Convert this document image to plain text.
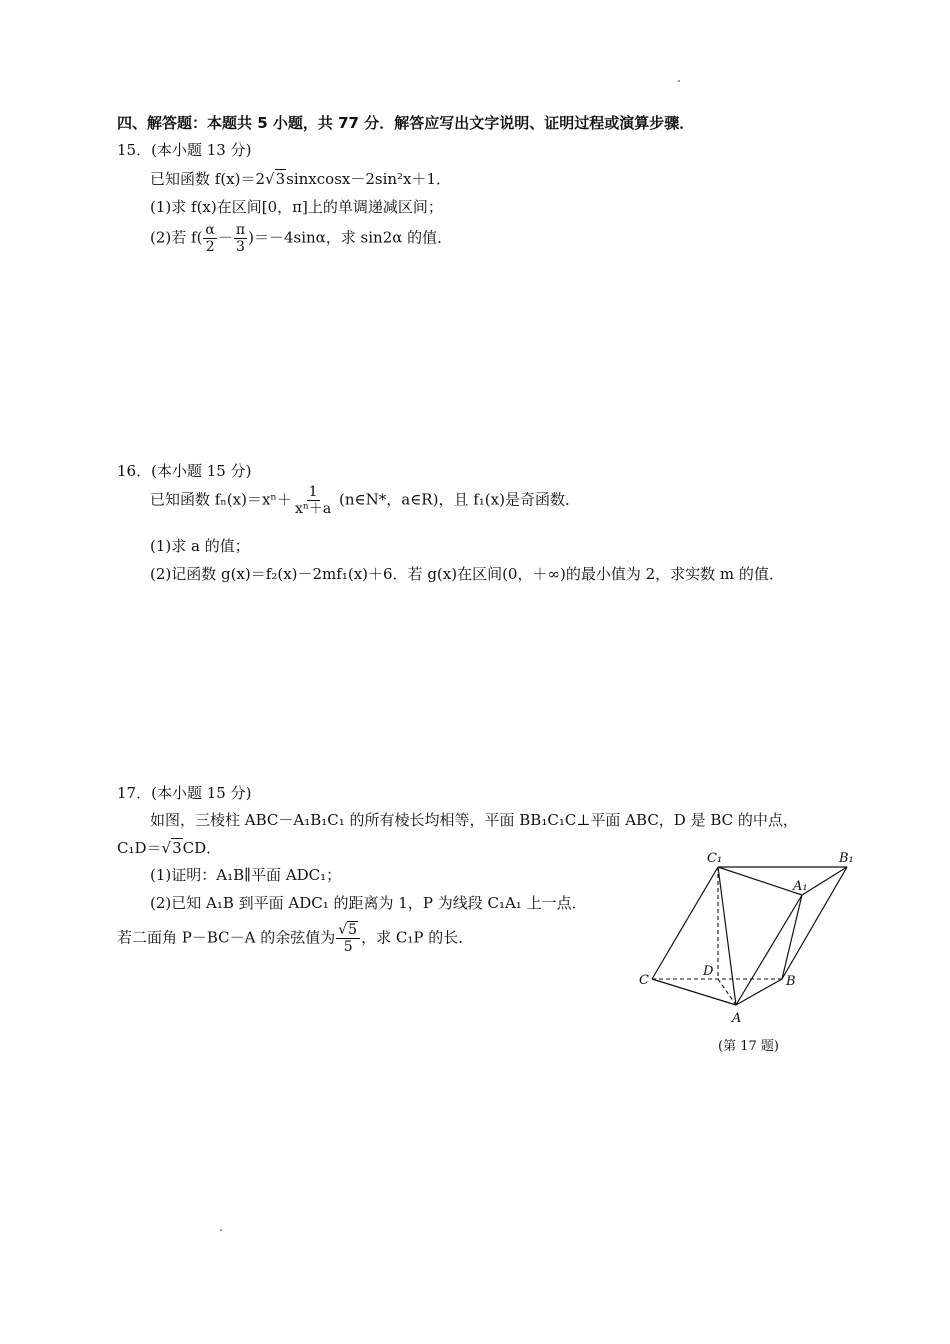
四、解答题：本题共 5 小题，共 77 分．解答应写出文字说明、证明过程或演算步骤．
15．(本小题 13 分)
已知函数 f(x)＝2√3sinxcosx－2sin²x＋1．
(1)求 f(x)在区间[0，π]上的单调递减区间；
(2)若 $f( \frac{\alpha}{2} - \frac{\pi}{3} )=-4\sin\alpha$，求 sin2α 的值．
16．(本小题 15 分)
已知函数 $f_n(x)=x^n+ \frac{1}{\text{xⁿ＋a}}$ (n∈N*，a∈R)，且 f₁(x)是奇函数．
(1)求 a 的值；
(2)记函数 g(x)＝f₂(x)－2mf₁(x)＋6．若 g(x)在区间(0，＋∞)的最小值为 2，求实数 m 的值．
17．(本小题 15 分)
如图，三棱柱 ABC－A₁B₁C₁ 的所有棱长均相等，平面 BB₁C₁C⊥平面 ABC，D 是 BC 的中点，
C₁D＝√3CD．
(1)证明：A₁B∥平面 ADC₁；
(2)已知 A₁B 到平面 ADC₁ 的距离为 1，P 为线段 C₁A₁ 上一点．
若二面角 P－BC－A 的余弦值为 $\frac{√5}{5}$ ，求 C₁P 的长．
C₁	B₁
A₁
C
D
B
A
(第 17 题)
